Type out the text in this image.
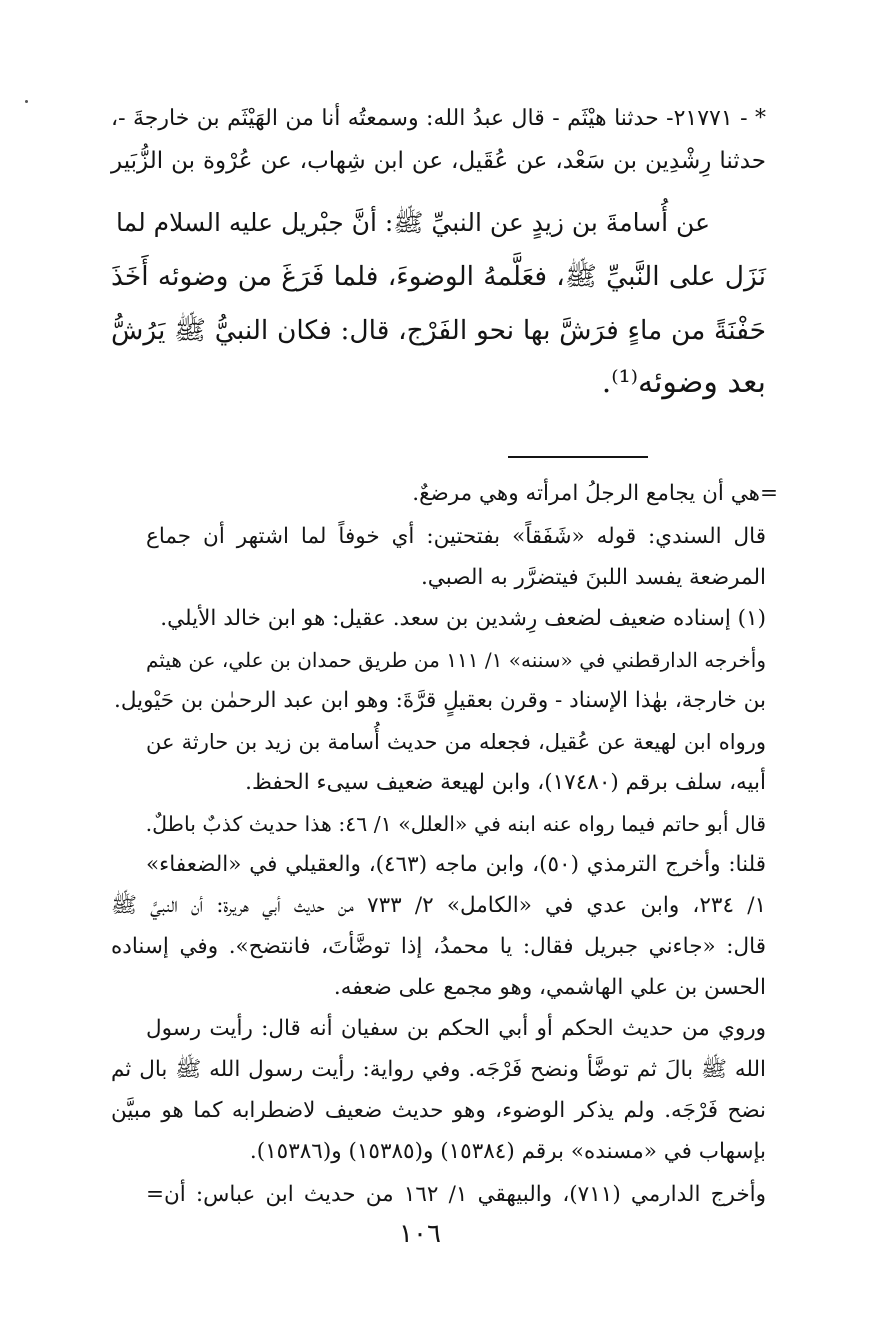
* - ٢١٧٧١- حدثنا هيْثَم - قال عبدُ الله: وسمعتُه أنا من الهَيْثَم بن خارجةَ -،
حدثنا رِشْدِين بن سَعْد، عن عُقَيل، عن ابن شِهاب، عن عُرْوة بن الزُّبَير
عن أُسامةَ بن زيدٍ عن النبيِّ ﷺ: أنَّ جبْريل عليه السلام لما
نَزَل على النَّبيِّ ﷺ، فعَلَّمهُ الوضوءَ، فلما فَرَغَ من وضوئه أَخَذَ
حَفْنَةً من ماءٍ فرَشَّ بها نحو الفَرْج، قال: فكان النبيُّ ﷺ يَرُشُّ
بعد وضوئه⁽¹⁾.
=هي أن يجامع الرجلُ امرأته وهي مرضعٌ.
قال السندي: قوله «شَفَقاً» بفتحتين: أي خوفاً لما اشتهر أن جماع
المرضعة يفسد اللبنَ فيتضرَّر به الصبي.
(١) إسناده ضعيف لضعف رِشدين بن سعد. عقيل: هو ابن خالد الأيلي.
وأخرجه الدارقطني في «سننه» ١/ ١١١ من طريق حمدان بن علي، عن هيثم
بن خارجة، بهٰذا الإسناد - وقرن بعقيلٍ قرَّةَ: وهو ابن عبد الرحمٰن بن حَيْويل.
ورواه ابن لهيعة عن عُقيل، فجعله من حديث أُسامة بن زيد بن حارثة عن
أبيه، سلف برقم (١٧٤٨٠)، وابن لهيعة ضعيف سيىء الحفظ.
قال أبو حاتم فيما رواه عنه ابنه في «العلل» ١/ ٤٦: هذا حديث كذبٌ باطلٌ.
قلنا: وأخرج الترمذي (٥٠)، وابن ماجه (٤٦٣)، والعقيلي في «الضعفاء»
١/ ٢٣٤، وابن عدي في «الكامل» ٢/ ٧٣٣ من حديث أبي هريرة: أن النبيَّ ﷺ
قال: «جاءني جبريل فقال: يا محمدُ، إذا توضَّأتَ، فانتضح». وفي إسناده
الحسن بن علي الهاشمي، وهو مجمع على ضعفه.
وروي من حديث الحكم أو أبي الحكم بن سفيان أنه قال: رأيت رسول
الله ﷺ بالَ ثم توضَّأ ونضح فَرْجَه. وفي رواية: رأيت رسول الله ﷺ بال ثم
نضح فَرْجَه. ولم يذكر الوضوء، وهو حديث ضعيف لاضطرابه كما هو مبيَّن
بإسهاب في «مسنده» برقم (١٥٣٨٤) و(١٥٣٨٥) و(١٥٣٨٦).
وأخرج الدارمي (٧١١)، والبيهقي ١/ ١٦٢ من حديث ابن عباس: أن=
١٠٦
